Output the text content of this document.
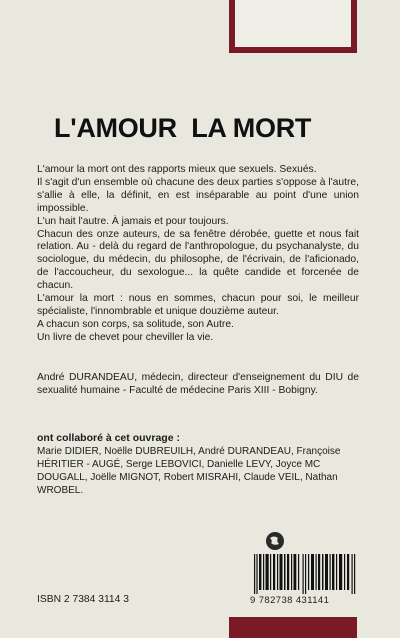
L'AMOUR  LA MORT

L'amour la mort ont des rapports mieux que sexuels. Sexués.

Il s'agit d'un ensemble où chacune des deux parties s'oppose à l'autre, s'allie à elle, la définit, en est inséparable au point d'une union impossible.

L'un hait l'autre. À jamais et pour toujours.

Chacun des onze auteurs, de sa fenêtre dérobée, guette et nous fait relation. Au - delà du regard de l'anthropologue, du psychanalyste, du sociologue, du médecin, du philosophe, de l'écrivain, de l'aficionado, de l'accoucheur, du sexologue... la quête candide et forcenée de chacun.

L'amour la mort : nous en sommes, chacun pour soi, le meilleur spécialiste, l'innombrable et unique douzième auteur.

A chacun son corps, sa solitude, son Autre.

Un livre de chevet pour cheviller la vie.

André DURANDEAU, médecin, directeur d'enseignement du DIU de sexualité humaine - Faculté de médecine Paris XIII - Bobigny.

ont collaboré à cet ouvrage :

Marie DIDIER, Noëlle DUBREUILH, André DURANDEAU, Françoise HÉRITIER - AUGÉ, Serge LEBOVICI, Danielle LEVY, Joyce MC DOUGALL, Joëlle MIGNOT, Robert MISRAHI, Claude VEIL, Nathan WROBEL.

9 782738 431141
ISBN 2 7384 3114 3
